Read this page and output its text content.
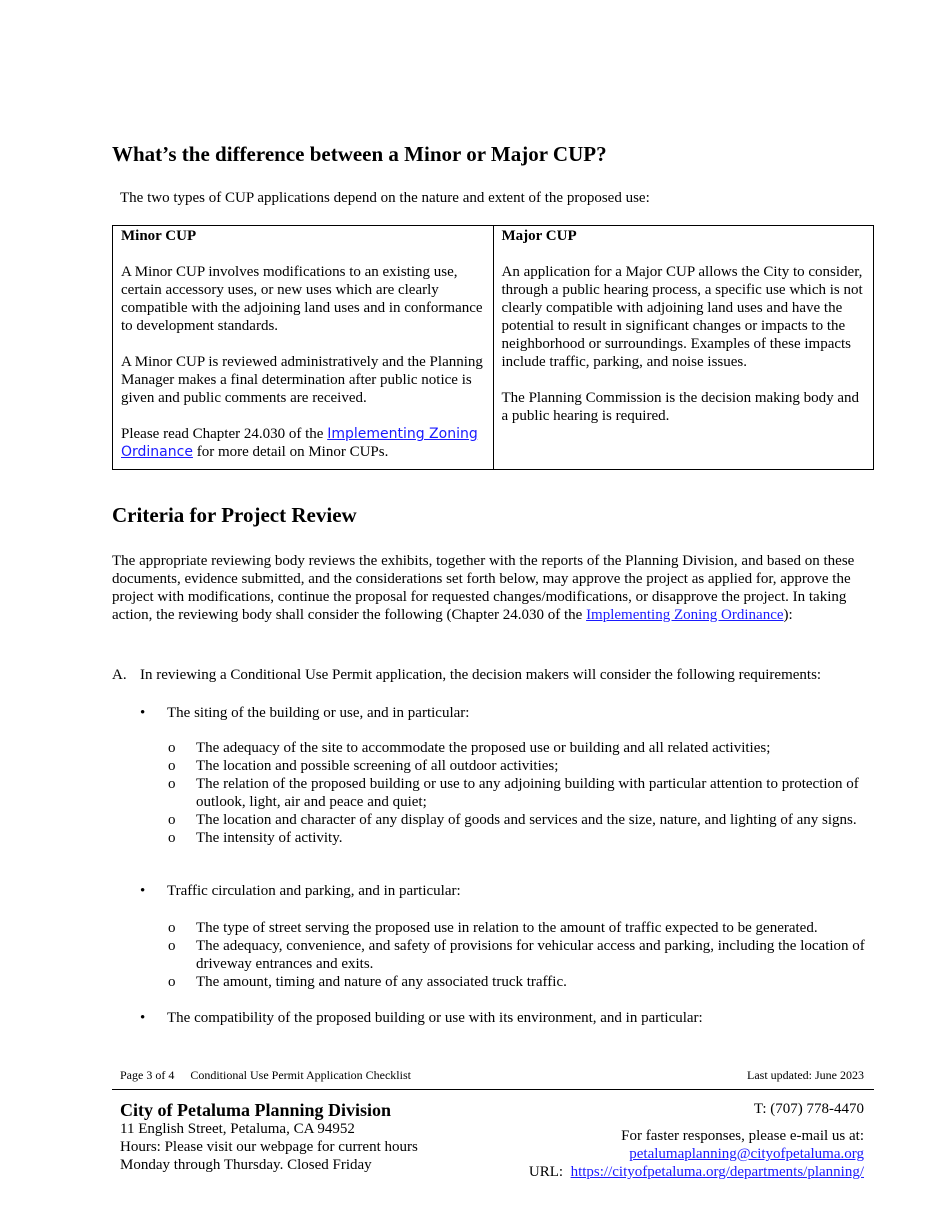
What’s the difference between a Minor or Major CUP?
The two types of CUP applications depend on the nature and extent of the proposed use:
Minor CUP

A Minor CUP involves modifications to an existing use, certain accessory uses, or new uses which are clearly compatible with the adjoining land uses and in conformance to development standards.

A Minor CUP is reviewed administratively and the Planning Manager makes a final determination after public notice is given and public comments are received.

Please read Chapter 24.030 of the Implementing Zoning Ordinance for more detail on Minor CUPs.

Major CUP

An application for a Major CUP allows the City to consider, through a public hearing process, a specific use which is not clearly compatible with adjoining land uses and have the potential to result in significant changes or impacts to the neighborhood or surroundings. Examples of these impacts include traffic, parking, and noise issues.

The Planning Commission is the decision making body and a public hearing is required.

Criteria for Project Review
The appropriate reviewing body reviews the exhibits, together with the reports of the Planning Division, and based on these documents, evidence submitted, and the considerations set forth below, may approve the project as applied for, approve the project with modifications, continue the proposal for requested changes/modifications, or disapprove the project. In taking action, the reviewing body shall consider the following (Chapter 24.030 of the Implementing Zoning Ordinance):
A. In reviewing a Conditional Use Permit application, the decision makers will consider the following requirements:
• The siting of the building or use, and in particular:
o The adequacy of the site to accommodate the proposed use or building and all related activities;
o The location and possible screening of all outdoor activities;
o The relation of the proposed building or use to any adjoining building with particular attention to protection of outlook, light, air and peace and quiet;
o The location and character of any display of goods and services and the size, nature, and lighting of any signs.
o The intensity of activity.
• Traffic circulation and parking, and in particular:
o The type of street serving the proposed use in relation to the amount of traffic expected to be generated.
o The adequacy, convenience, and safety of provisions for vehicular access and parking, including the location of driveway entrances and exits.
o The amount, timing and nature of any associated truck traffic.
• The compatibility of the proposed building or use with its environment, and in particular:
Page 3 of 4 Conditional Use Permit Application Checklist	Last updated: June 2023
City of Petaluma Planning Division
11 English Street, Petaluma, CA 94952
Hours: Please visit our webpage for current hours
Monday through Thursday. Closed Friday
T: (707) 778-4470
For faster responses, please e-mail us at:
petalumaplanning@cityofpetaluma.org
URL:  https://cityofpetaluma.org/departments/planning/
